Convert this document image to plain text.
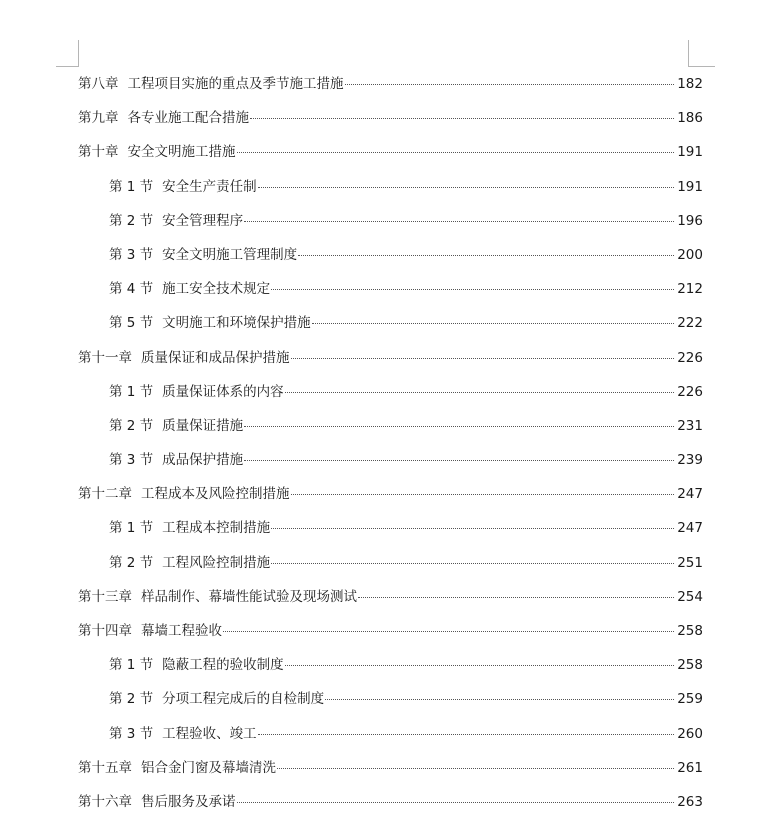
第八章 工程项目实施的重点及季节施工措施	182
第九章 各专业施工配合措施	186
第十章 安全文明施工措施	191
第 1 节 安全生产责任制	191
第 2 节 安全管理程序	196
第 3 节 安全文明施工管理制度	200
第 4 节 施工安全技术规定	212
第 5 节 文明施工和环境保护措施	222
第十一章 质量保证和成品保护措施	226
第 1 节 质量保证体系的内容	226
第 2 节 质量保证措施	231
第 3 节 成品保护措施	239
第十二章 工程成本及风险控制措施	247
第 1 节 工程成本控制措施	247
第 2 节 工程风险控制措施	251
第十三章 样品制作、幕墙性能试验及现场测试	254
第十四章 幕墙工程验收	258
第 1 节 隐蔽工程的验收制度	258
第 2 节 分项工程完成后的自检制度	259
第 3 节 工程验收、竣工	260
第十五章 铝合金门窗及幕墙清洗	261
第十六章 售后服务及承诺	263
